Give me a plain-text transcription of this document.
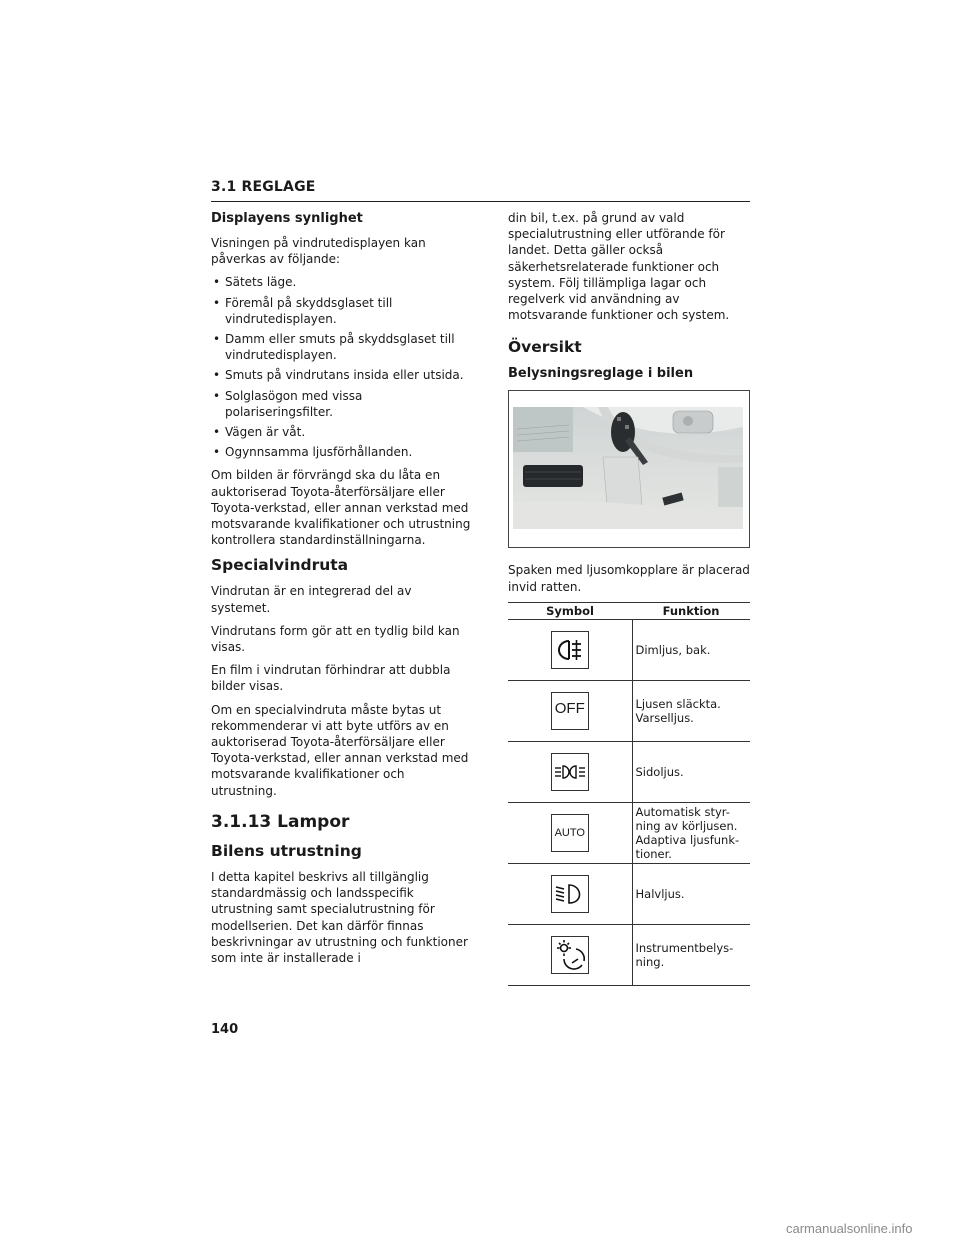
3.1 REGLAGE
Displayens synlighet
Visningen på vindrutedisplayen kan påverkas av följande:
• Sätets läge.
• Föremål på skyddsglaset till vindrutedisplayen.
• Damm eller smuts på skyddsglaset till vindrutedisplayen.
• Smuts på vindrutans insida eller utsida.
• Solglasögon med vissa polariseringsfilter.
• Vägen är våt.
• Ogynnsamma ljusförhållanden.
Om bilden är förvrängd ska du låta en auktoriserad Toyota-återförsäljare eller Toyota-verkstad, eller annan verkstad med motsvarande kvalifikationer och utrustning kontrollera standardinställningarna.
Specialvindruta
Vindrutan är en integrerad del av systemet.
Vindrutans form gör att en tydlig bild kan visas.
En film i vindrutan förhindrar att dubbla bilder visas.
Om en specialvindruta måste bytas ut rekommenderar vi att byte utförs av en auktoriserad Toyota-återförsäljare eller Toyota-verkstad, eller annan verkstad med motsvarande kvalifikationer och utrustning.
3.1.13 Lampor
Bilens utrustning
I detta kapitel beskrivs all tillgänglig standardmässig och landsspecifik utrustning samt specialutrustning för modellserien. Det kan därför finnas beskrivningar av utrustning och funktioner som inte är installerade i
din bil, t.ex. på grund av vald specialutrustning eller utförande för landet. Detta gäller också säkerhetsrelaterade funktioner och system. Följ tillämpliga lagar och regelverk vid användning av motsvarande funktioner och system.
Översikt
Belysningsreglage i bilen
Spaken med ljusomkopplare är placerad invid ratten.
Symbol	Funktion

	Dimljus, bak.

OFF	Ljusen släckta. Varselljus.

	Sidoljus.

AUTO	Automatisk styr-ning av körljusen. Adaptiva ljusfunk-tioner.

	Halvljus.

	Instrumentbelys-ning.
140
carmanualsonline.info
